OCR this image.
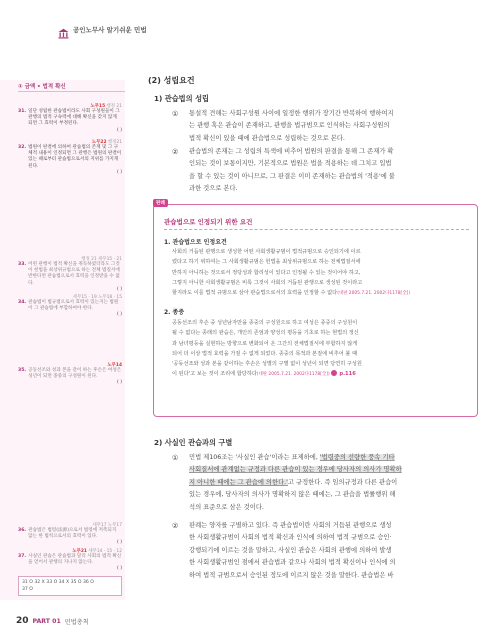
공인노무사 알기쉬운 민법
① 금액 • 법적 확신
노무15 행정 21
31. 일단 성립한 관습법이라도 사회 구성원들이 그 관행의 법적 구속력에 대해 확신을 갖지 않게 되면 그 효력이 부정된다.
( )
노무22 행정21
32. 법원이 판결에 의하여 관습법의 존재 및 그 구체적 내용이 인정되면 그 관행은 법원의 판결이 있는 때로부터 관습법으로서의 지위를 가지게 된다.
( )
행정 21 세무15 · 21
33. 어떤 관행이 법적 확신을 취득하였더라도 그것이 헌법을 최상위규범으로 하는 전체 법질서에 반한다면 관습법으로서 효력을 인정받을 수 없다.
( )
세무15 · 19 노무18 · 15
34. 관습법이 법규범으로서 효력이 있는지는 법원이 그 관습법에 부합하여야 한다.
( )
노무14
35. 공동선조와 성과 본을 같이 하는 후손은 여성은 성년이 되면 종중의 구성원이 된다.
( )
세무17 노무17
36. 관습법은 법령(法源)으로서 법령에 저촉되지 않는 한 법칙으로서의 효력이 있다.
( )
노무21 세무14 · 15 · 12
37. 사실인 관습은 관습법과 달리 사회의 법적 확신을 얻어서 관행의 지나지 않는다.
( )
31 O 32 X 33 O 34 X 35 O 36 O
37 O
(2) 성립요건
1) 관습법의 성립
① 통설적 견해는 사회구성원 사이에 일정한 행위가 장기간 반복하여 행하여지
는 관행 혹은 관습이 존재하고, 관행을 법규범으로 인식하는 사회구성원의
법적 확신이 있을 때에 관습법으로 성립하는 것으로 본다.
② 관습법의 존재는 그 성립의 특색에 비추어 법원의 판결을 통해 그 존재가 확
인되는 것이 보통이지만, 기본적으로 법원은 법을 적용하는 데 그치고 입법
을 할 수 있는 것이 아니므로, 그 판결은 이미 존재하는 관습법의 '적용'에 불
과한 것으로 본다.
판례
관습법으로 인정되기 위한 요건
1. 관습법으로 인정요건
사회의 거듭된 관행으로 생성한 어떤 사회생활규범이 법적규범으로 승인되기에 이르
렀다고 하기 위하여는 그 사회생활규범은 헌법을 최상위규범으로 하는 전체법질서에
반하지 아니하는 것으로서 정당성과 합리성이 있다고 인정될 수 있는 것이어야 하고,
그렇지 아니한 사회생활규범은 비록 그것이 사회의 거듭된 관행으로 생성된 것이라고
할지라도 이를 법적 규범으로 삼아 관습법으로서의 효력을 인정할 수 없다(대판 2005.7.21. 2002다1178[全])
2. 종중
공동선조의 후손 중 성년남자만을 종중의 구성원으로 하고 여성은 종중의 구성원이
될 수 없다는 종래의 관습은, 개인의 존엄과 양성의 평등을 기초로 하는 현법의 정신
과 남녀평등을 실현하는 방향으로 변화되어 온 그간의 전체법질서에 부합하지 않게
되어 더 이상 법적 효력을 가질 수 없게 되었다. 종중의 목적과 본질에 비추어 볼 때
'공동선조와 성과 본을 같이하는 후손은 성별의 구별 없이 성년이 되면 당연히 구성원
이 된다'고 보는 것이 조리에 합당하다(대판 2005.7.21. 2002다1178[全]) p.116
2) 사실인 관습과의 구별
① 민법 제106조는 '사실인 관습'이라는 표제하에, '법령중의 선량한 풍속 기타
사회질서에 관계없는 규정과 다른 관습이 있는 경우에 당사자의 의사가 명확하
지 아니한 때에는 그 관습에 의한다.'고 규정한다. 즉 임의규정과 다른 관습이
있는 경우에, 당사자의 의사가 명확하지 않은 때에는, 그 관습을 법률행위 해
석의 표준으로 삼은 것이다.
② 판례는 양자를 구별하고 있다. 즉 관습법이란 사회의 거듭된 관행으로 생성
한 사회생활규범이 사회의 법적 확신과 인식에 의하여 법적 규범으로 승인·
강행되기에 이르는 것을 말하고, 사실인 관습은 사회의 관행에 의하여 발생
한 사회생활규범인 점에서 관습법과 같으나 사회의 법적 확신이나 인식에 의
하여 법적 규범으로서 승인된 정도에 이르지 않은 것을 말한다. 관습법은 바
20 PART 01 민법총칙
